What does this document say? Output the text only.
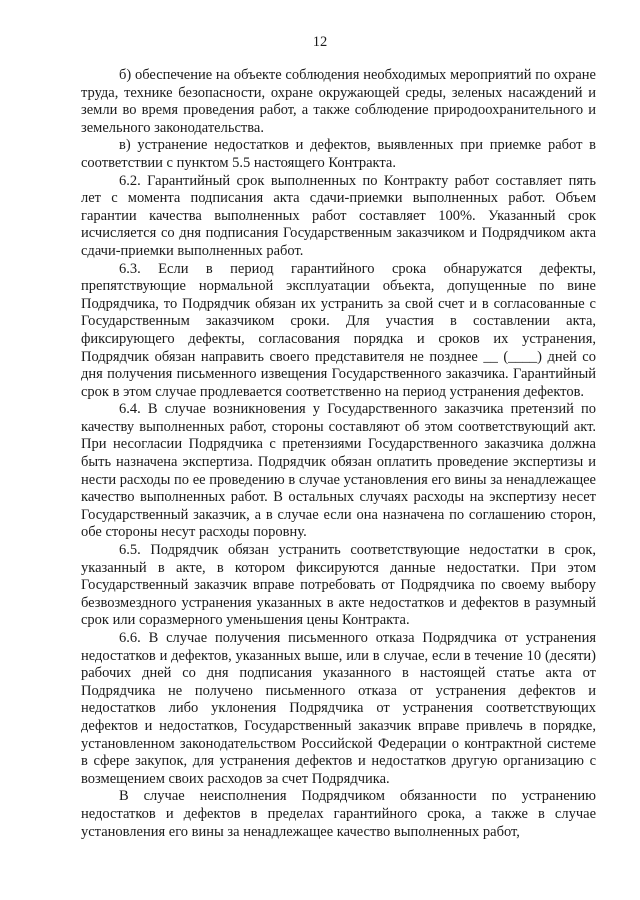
12

б) обеспечение на объекте соблюдения необходимых мероприятий по охране труда, технике безопасности, охране окружающей среды, зеленых насаждений и земли во время проведения работ, а также соблюдение природоохранительного и земельного законодательства.

в) устранение недостатков и дефектов, выявленных при приемке работ в соответствии с пунктом 5.5 настоящего Контракта.

6.2. Гарантийный срок выполненных по Контракту работ составляет пять лет с момента подписания акта сдачи-приемки выполненных работ. Объем гарантии качества выполненных работ составляет 100%. Указанный срок исчисляется со дня подписания Государственным заказчиком и Подрядчиком акта сдачи-приемки выполненных работ.

6.3. Если в период гарантийного срока обнаружатся дефекты, препятствующие нормальной эксплуатации объекта, допущенные по вине Подрядчика, то Подрядчик обязан их устранить за свой счет и в согласованные с Государственным заказчиком сроки. Для участия в составлении акта, фиксирующего дефекты, согласования порядка и сроков их устранения, Подрядчик обязан направить своего представителя не позднее __ (____) дней со дня получения письменного извещения Государственного заказчика. Гарантийный срок в этом случае продлевается соответственно на период устранения дефектов.

6.4. В случае возникновения у Государственного заказчика претензий по качеству выполненных работ, стороны составляют об этом соответствующий акт. При несогласии Подрядчика с претензиями Государственного заказчика должна быть назначена экспертиза. Подрядчик обязан оплатить проведение экспертизы и нести расходы по ее проведению в случае установления его вины за ненадлежащее качество выполненных работ. В остальных случаях расходы на экспертизу несет Государственный заказчик, а в случае если она назначена по соглашению сторон, обе стороны несут расходы поровну.

6.5. Подрядчик обязан устранить соответствующие недостатки в срок, указанный в акте, в котором фиксируются данные недостатки. При этом Государственный заказчик вправе потребовать от Подрядчика по своему выбору безвозмездного устранения указанных в акте недостатков и дефектов в разумный срок или соразмерного уменьшения цены Контракта.

6.6. В случае получения письменного отказа Подрядчика от устранения недостатков и дефектов, указанных выше, или в случае, если в течение 10 (десяти) рабочих дней со дня подписания указанного в настоящей статье акта от Подрядчика не получено письменного отказа от устранения дефектов и недостатков либо уклонения Подрядчика от устранения соответствующих дефектов и недостатков, Государственный заказчик вправе привлечь в порядке, установленном законодательством Российской Федерации о контрактной системе в сфере закупок, для устранения дефектов и недостатков другую организацию с возмещением своих расходов за счет Подрядчика.

В случае неисполнения Подрядчиком обязанности по устранению недостатков и дефектов в пределах гарантийного срока, а также в случае установления его вины за ненадлежащее качество выполненных работ,
